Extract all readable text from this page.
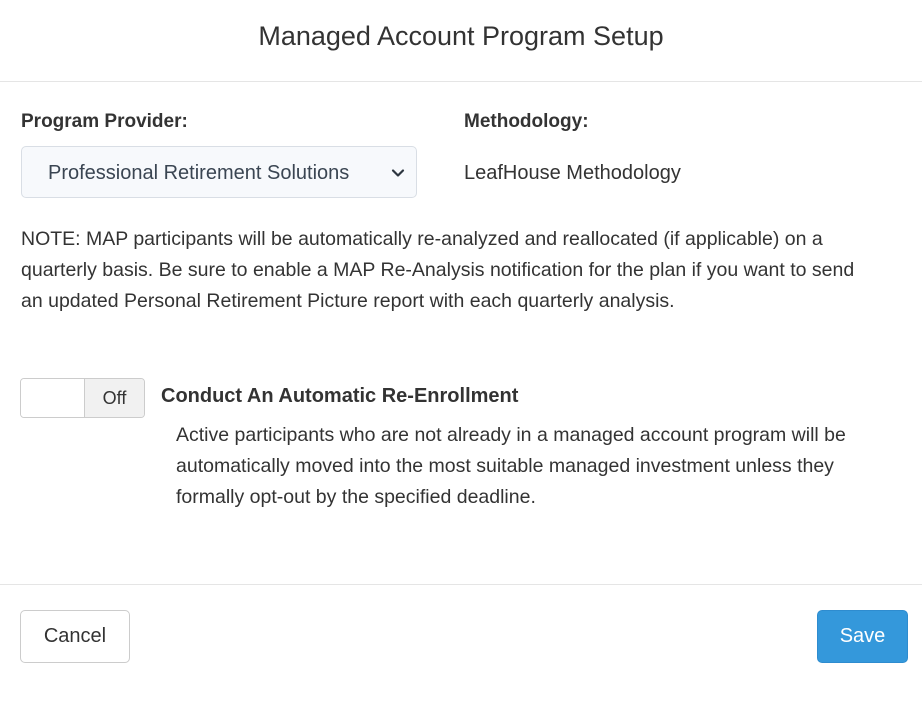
Managed Account Program Setup
Program Provider:	Methodology:
Professional Retirement Solutions	LeafHouse Methodology

NOTE: MAP participants will be automatically re-analyzed and reallocated (if applicable) on a quarterly basis. Be sure to enable a MAP Re-Analysis notification for the plan if you want to send an updated Personal Retirement Picture report with each quarterly analysis.

Off	Conduct An Automatic Re-Enrollment

Active participants who are not already in a managed account program will be automatically moved into the most suitable managed investment unless they formally opt-out by the specified deadline.

Cancel	Save
